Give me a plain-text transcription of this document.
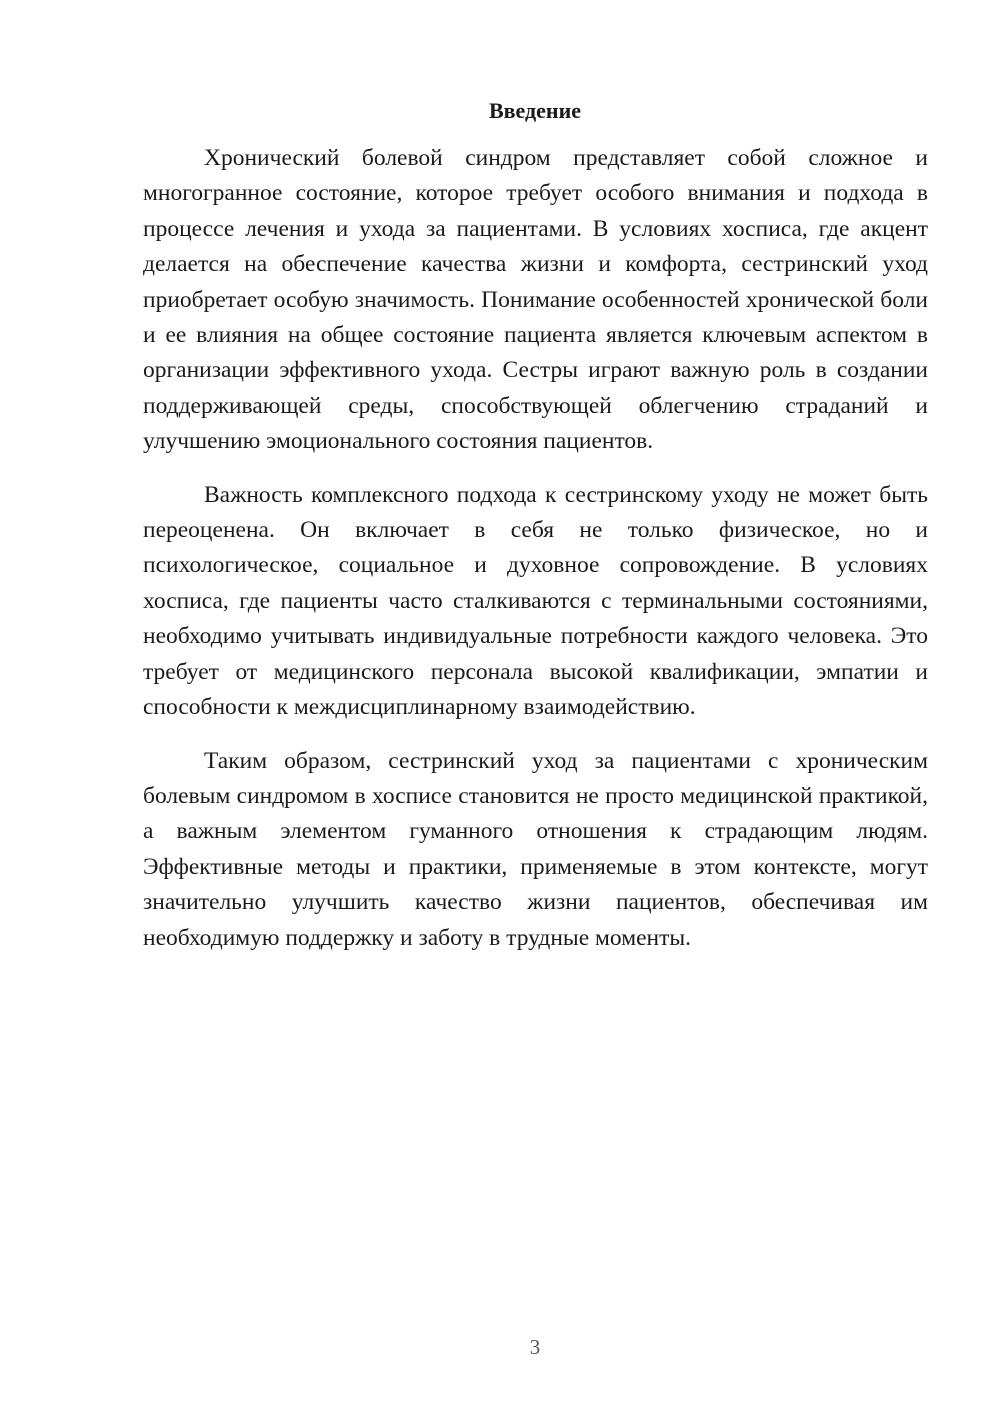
Введение

Хронический болевой синдром представляет собой сложное и многогранное состояние, которое требует особого внимания и подхода в процессе лечения и ухода за пациентами. В условиях хосписа, где акцент делается на обеспечение качества жизни и комфорта, сестринский уход приобретает особую значимость. Понимание особенностей хронической боли и ее влияния на общее состояние пациента является ключевым аспектом в организации эффективного ухода. Сестры играют важную роль в создании поддерживающей среды, способствующей облегчению страданий и улучшению эмоционального состояния пациентов.

Важность комплексного подхода к сестринскому уходу не может быть переоценена. Он включает в себя не только физическое, но и психологическое, социальное и духовное сопровождение. В условиях хосписа, где пациенты часто сталкиваются с терминальными состояниями, необходимо учитывать индивидуальные потребности каждого человека. Это требует от медицинского персонала высокой квалификации, эмпатии и способности к междисциплинарному взаимодействию.

Таким образом, сестринский уход за пациентами с хроническим болевым синдромом в хосписе становится не просто медицинской практикой, а важным элементом гуманного отношения к страдающим людям. Эффективные методы и практики, применяемые в этом контексте, могут значительно улучшить качество жизни пациентов, обеспечивая им необходимую поддержку и заботу в трудные моменты.

3
